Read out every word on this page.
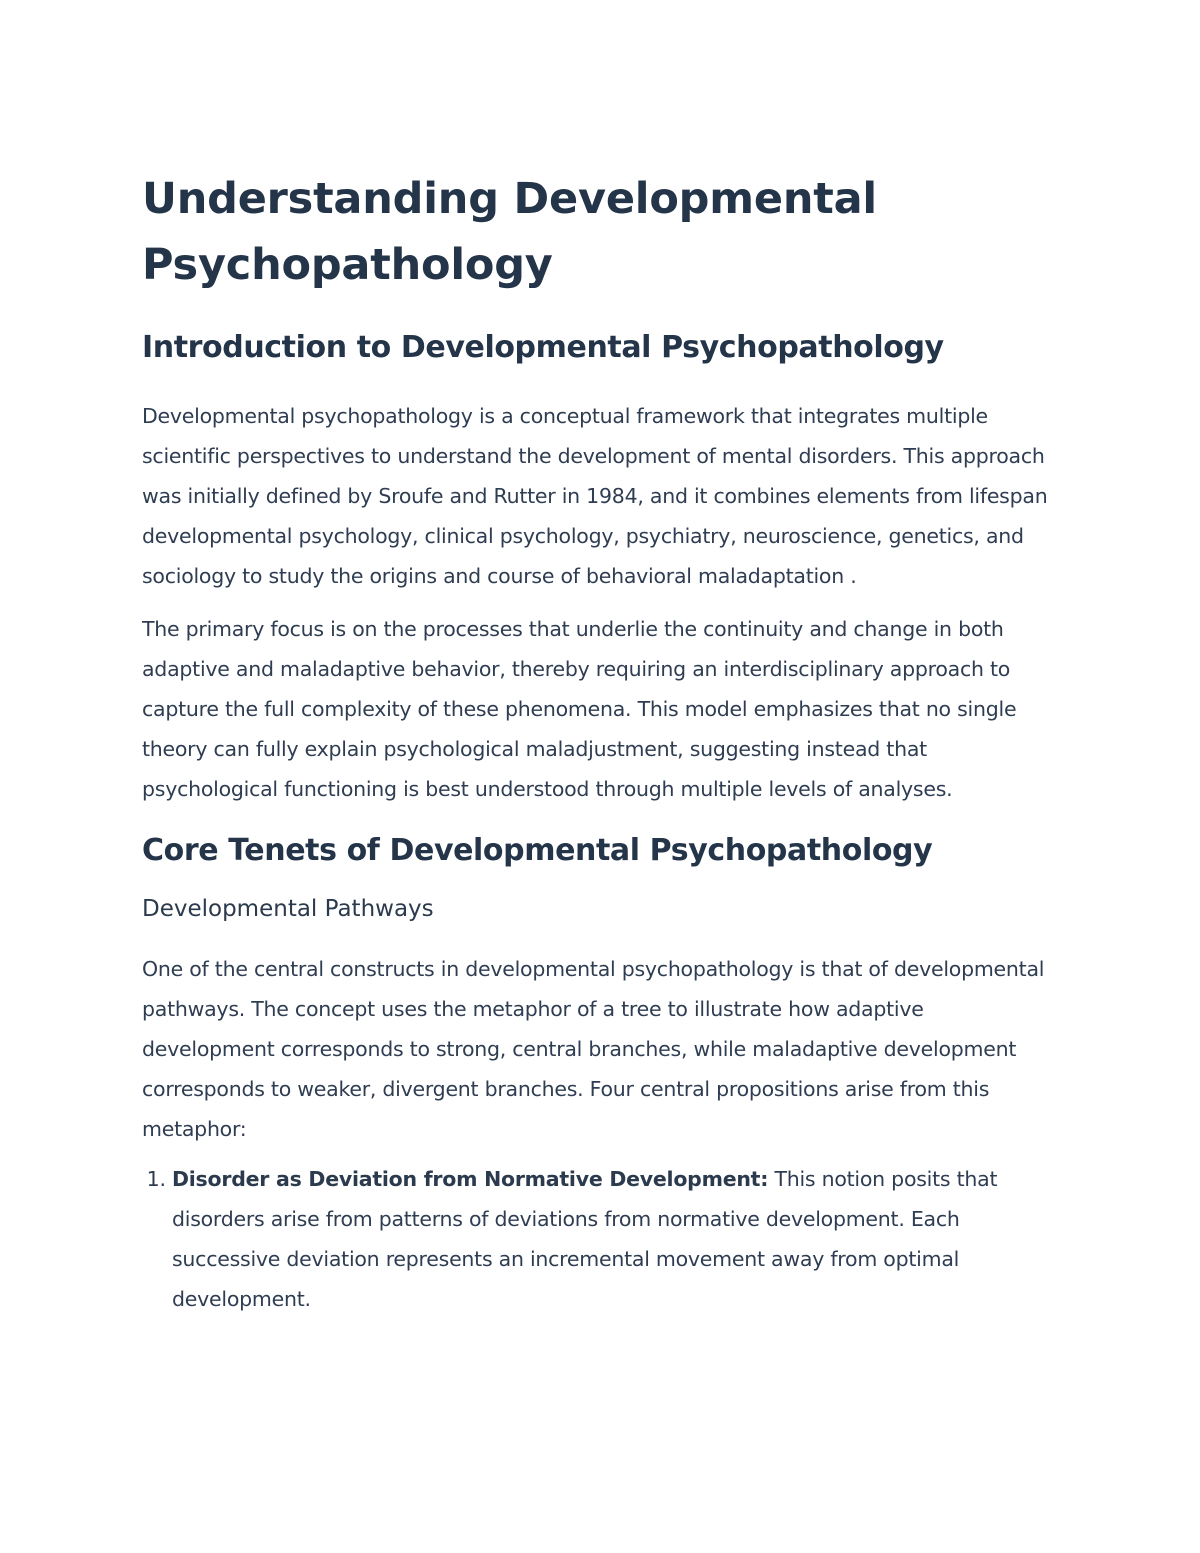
Understanding Developmental Psychopathology
Introduction to Developmental Psychopathology

Developmental psychopathology is a conceptual framework that integrates multiple scientific perspectives to understand the development of mental disorders. This approach was initially defined by Sroufe and Rutter in 1984, and it combines elements from lifespan developmental psychology, clinical psychology, psychiatry, neuroscience, genetics, and sociology to study the origins and course of behavioral maladaptation .

The primary focus is on the processes that underlie the continuity and change in both adaptive and maladaptive behavior, thereby requiring an interdisciplinary approach to capture the full complexity of these phenomena. This model emphasizes that no single theory can fully explain psychological maladjustment, suggesting instead that psychological functioning is best understood through multiple levels of analyses.

Core Tenets of Developmental Psychopathology
Developmental Pathways

One of the central constructs in developmental psychopathology is that of developmental pathways. The concept uses the metaphor of a tree to illustrate how adaptive development corresponds to strong, central branches, while maladaptive development corresponds to weaker, divergent branches. Four central propositions arise from this metaphor:

1. Disorder as Deviation from Normative Development: This notion posits that disorders arise from patterns of deviations from normative development. Each successive deviation represents an incremental movement away from optimal development.
